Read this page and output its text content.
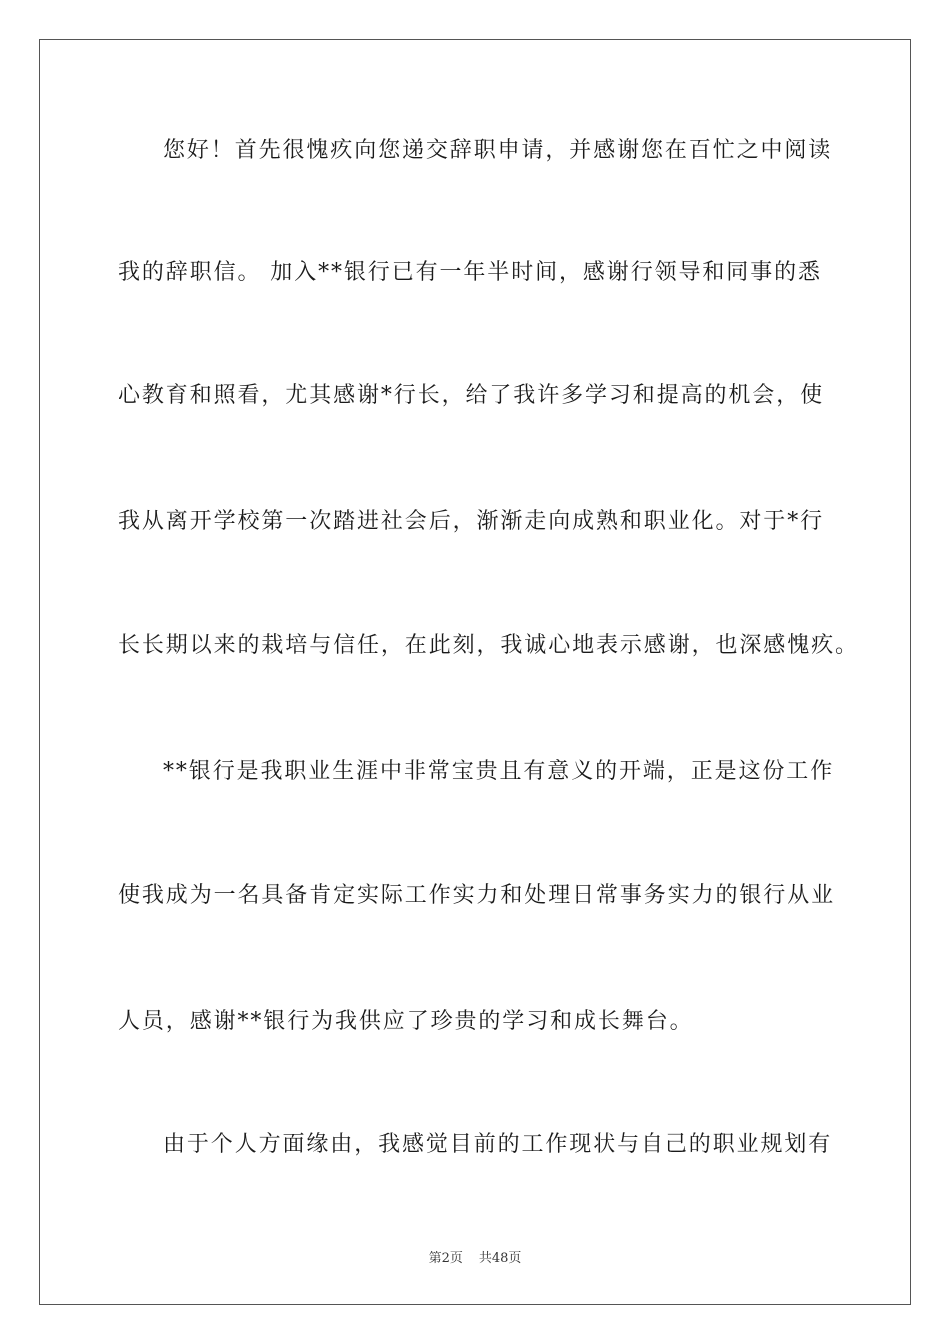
您好！首先很愧疚向您递交辞职申请，并感谢您在百忙之中阅读
我的辞职信。 加入**银行已有一年半时间，感谢行领导和同事的悉
心教育和照看，尤其感谢*行长，给了我许多学习和提高的机会，使
我从离开学校第一次踏进社会后，渐渐走向成熟和职业化。对于*行
长长期以来的栽培与信任，在此刻，我诚心地表示感谢，也深感愧疚。
**银行是我职业生涯中非常宝贵且有意义的开端，正是这份工作
使我成为一名具备肯定实际工作实力和处理日常事务实力的银行从业
人员，感谢**银行为我供应了珍贵的学习和成长舞台。
由于个人方面缘由，我感觉目前的工作现状与自己的职业规划有
第2页 共48页
